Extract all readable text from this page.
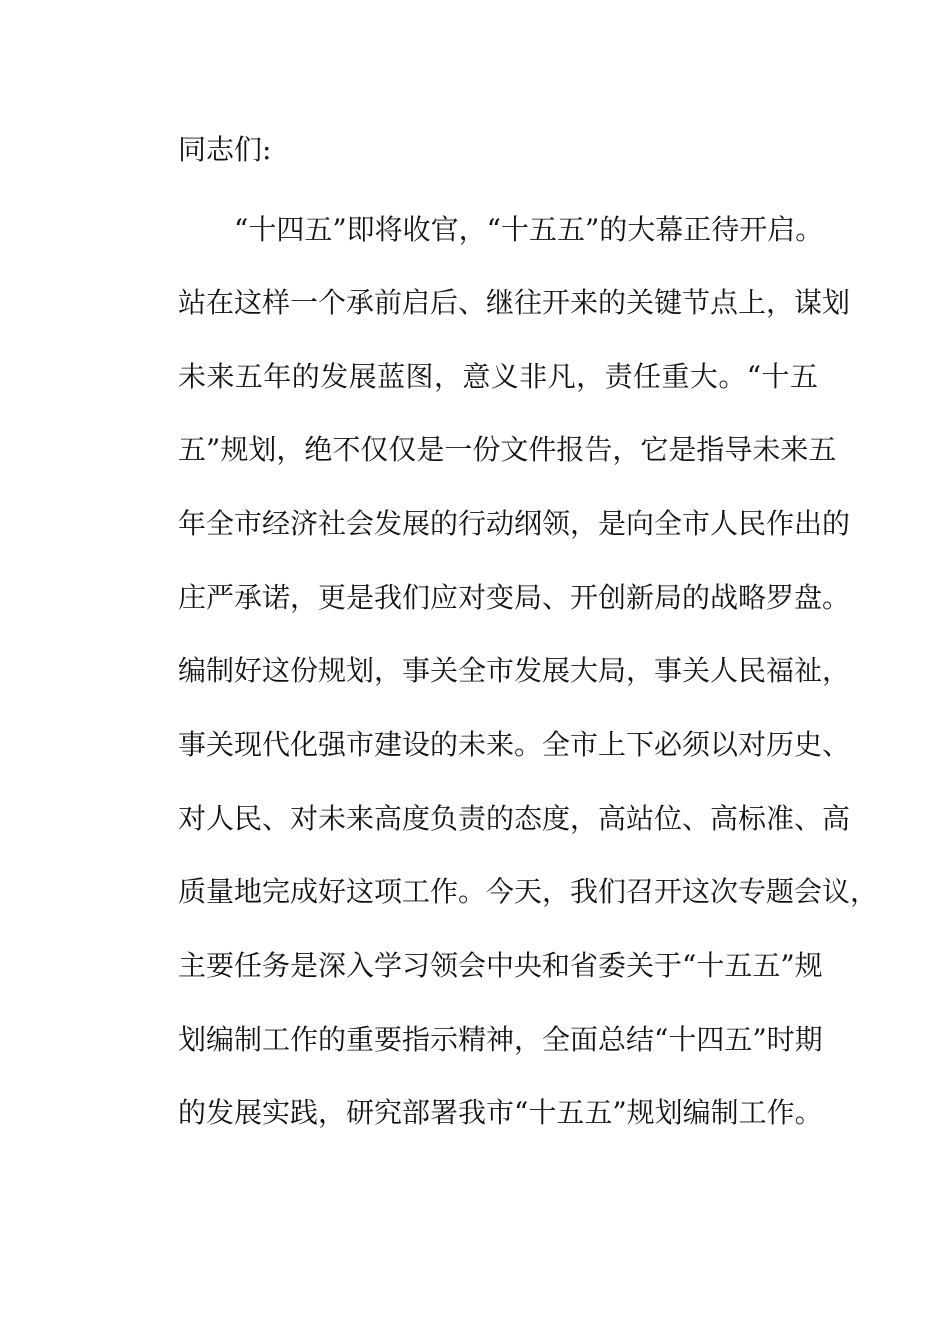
同志们:
“十四五”即将收官，“十五五”的大幕正待开启。
站在这样一个承前启后、继往开来的关键节点上，谋划
未来五年的发展蓝图，意义非凡，责任重大。“十五
五”规划，绝不仅仅是一份文件报告，它是指导未来五
年全市经济社会发展的行动纲领，是向全市人民作出的
庄严承诺，更是我们应对变局、开创新局的战略罗盘。
编制好这份规划，事关全市发展大局，事关人民福祉，
事关现代化强市建设的未来。全市上下必须以对历史、
对人民、对未来高度负责的态度，高站位、高标准、高
质量地完成好这项工作。今天，我们召开这次专题会议，
主要任务是深入学习领会中央和省委关于“十五五”规
划编制工作的重要指示精神，全面总结“十四五”时期
的发展实践，研究部署我市“十五五”规划编制工作。
